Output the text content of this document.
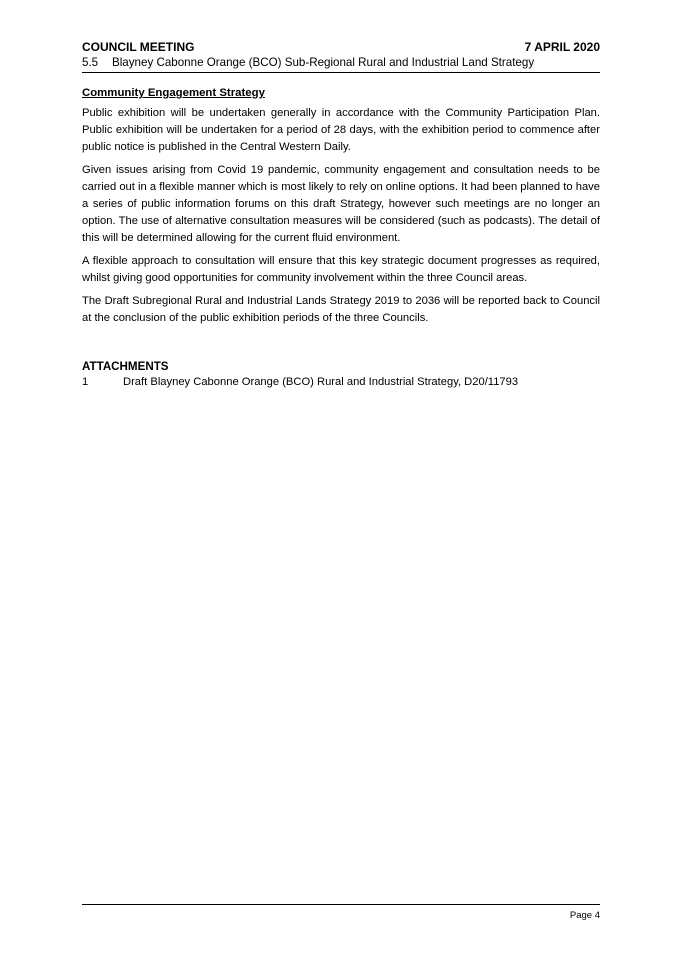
COUNCIL MEETING	7 APRIL 2020
5.5 Blayney Cabonne Orange (BCO) Sub-Regional Rural and Industrial Land Strategy
Community Engagement Strategy

Public exhibition will be undertaken generally in accordance with the Community Participation Plan. Public exhibition will be undertaken for a period of 28 days, with the exhibition period to commence after public notice is published in the Central Western Daily.

Given issues arising from Covid 19 pandemic, community engagement and consultation needs to be carried out in a flexible manner which is most likely to rely on online options. It had been planned to have a series of public information forums on this draft Strategy, however such meetings are no longer an option. The use of alternative consultation measures will be considered (such as podcasts). The detail of this will be determined allowing for the current fluid environment.

A flexible approach to consultation will ensure that this key strategic document progresses as required, whilst giving good opportunities for community involvement within the three Council areas.

The Draft Subregional Rural and Industrial Lands Strategy 2019 to 2036 will be reported back to Council at the conclusion of the public exhibition periods of the three Councils.

ATTACHMENTS
1	Draft Blayney Cabonne Orange (BCO) Rural and Industrial Strategy, D20/11793
Page 4
